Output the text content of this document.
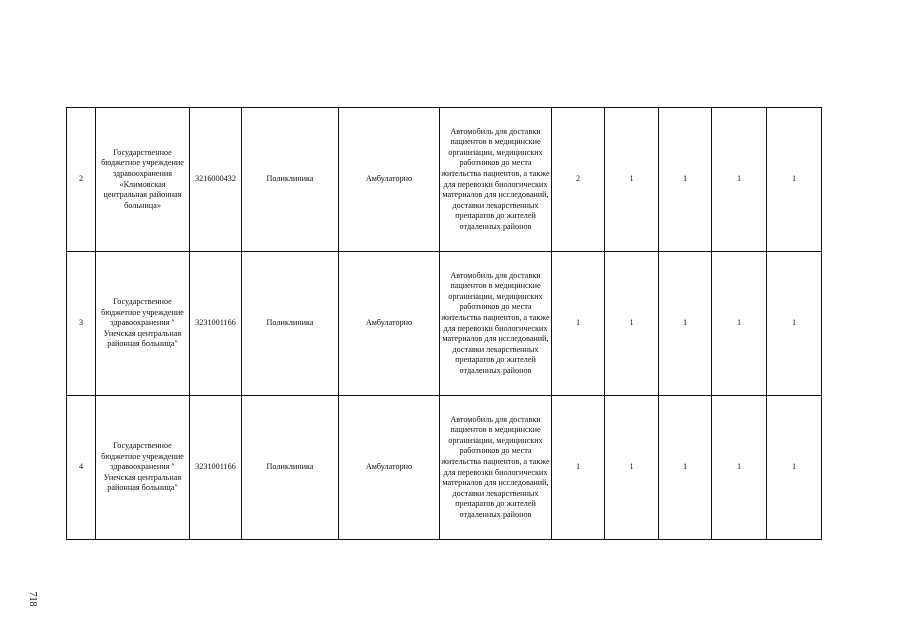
2	Государственное бюджетное учреждение здравоохранения «Климовская центральная районная больница»	3216000432	Поликлиника	Амбулаторно	Автомобиль для доставки пациентов в медицинские организации, медицинских работников до места жительства пациентов, а также для перевозки биологических материалов для исследований, доставки лекарственных препаратов до жителей отдаленных районов	2	1	1	1	1
3	Государственное бюджетное учреждение здравоохранения " Унечская центральная районная больница"	3231001166	Поликлиника	Амбулаторно	Автомобиль для доставки пациентов в медицинские организации, медицинских работников до места жительства пациентов, а также для перевозки биологических материалов для исследований, доставки лекарственных препаратов до жителей отдаленных районов	1	1	1	1	1
4	Государственное бюджетное учреждение здравоохранения " Унечская центральная районная больница"	3231001166	Поликлиника	Амбулаторно	Автомобиль для доставки пациентов в медицинские организации, медицинских работников до места жительства пациентов, а также для перевозки биологических материалов для исследований, доставки лекарственных препаратов до жителей отдаленных районов	1	1	1	1	1
718
